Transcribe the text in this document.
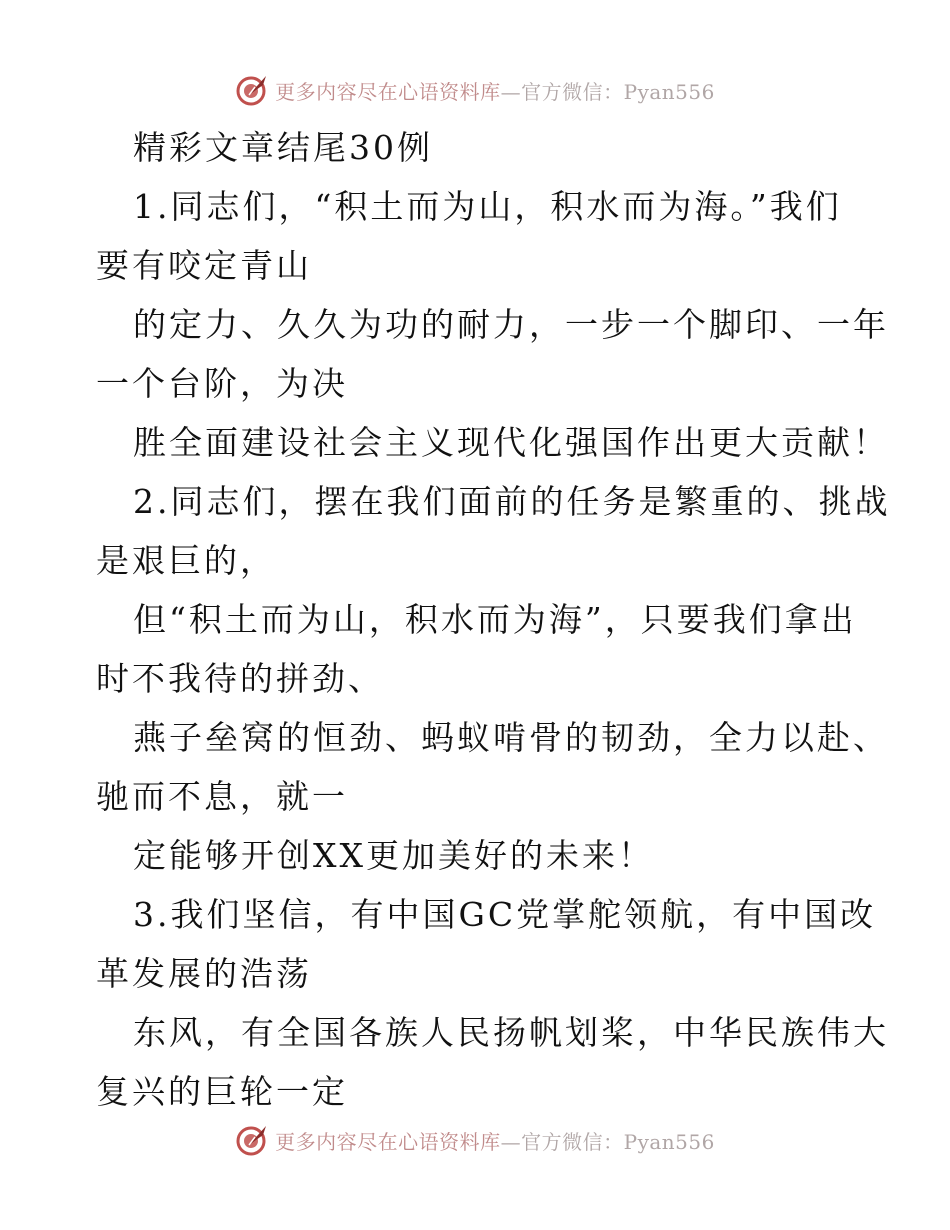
更多内容尽在心语资料库—官方微信：Pyan556
精彩文章结尾30例
1.同志们，“积土而为山，积水而为海。”我们
要有咬定青山
的定力、久久为功的耐力，一步一个脚印、一年
一个台阶，为决
胜全面建设社会主义现代化强国作出更大贡献！
2.同志们，摆在我们面前的任务是繁重的、挑战
是艰巨的，
但“积土而为山，积水而为海”，只要我们拿出
时不我待的拼劲、
燕子垒窝的恒劲、蚂蚁啃骨的韧劲，全力以赴、
驰而不息，就一
定能够开创XX更加美好的未来！
3.我们坚信，有中国GC党掌舵领航，有中国改
革发展的浩荡
东风，有全国各族人民扬帆划桨，中华民族伟大
复兴的巨轮一定
更多内容尽在心语资料库—官方微信：Pyan556
